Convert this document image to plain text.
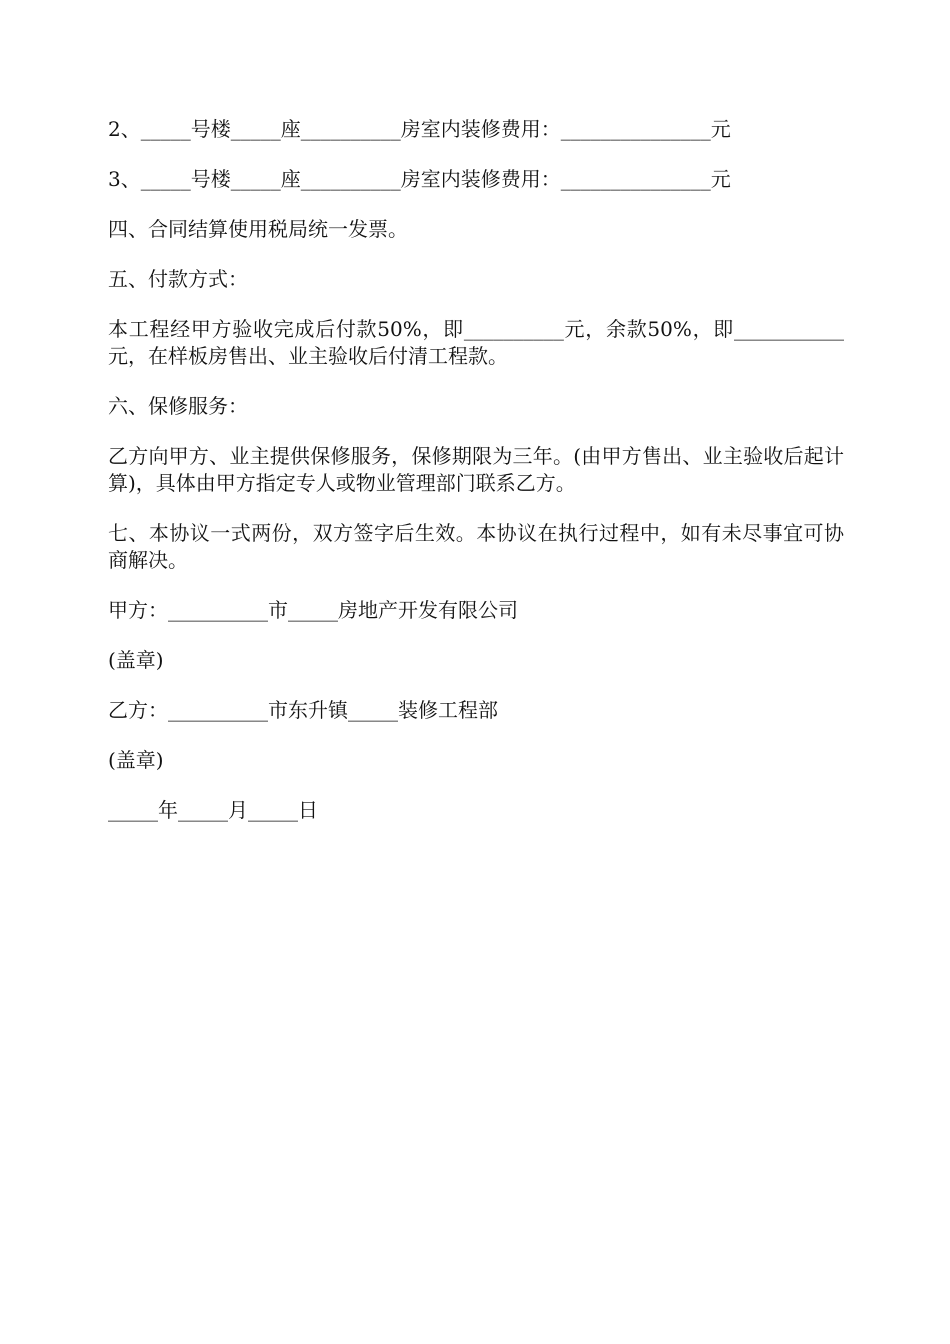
2、_____号楼_____座__________房室内装修费用：_______________元

3、_____号楼_____座__________房室内装修费用：_______________元

四、合同结算使用税局统一发票。

五、付款方式：

本工程经甲方验收完成后付款50%，即__________元，余款50%，即___________元，在样板房售出、业主验收后付清工程款。

六、保修服务：

乙方向甲方、业主提供保修服务，保修期限为三年。(由甲方售出、业主验收后起计算)，具体由甲方指定专人或物业管理部门联系乙方。

七、本协议一式两份，双方签字后生效。本协议在执行过程中，如有未尽事宜可协商解决。

甲方：__________市_____房地产开发有限公司

(盖章)

乙方：__________市东升镇_____装修工程部

(盖章)

_____年_____月_____日
